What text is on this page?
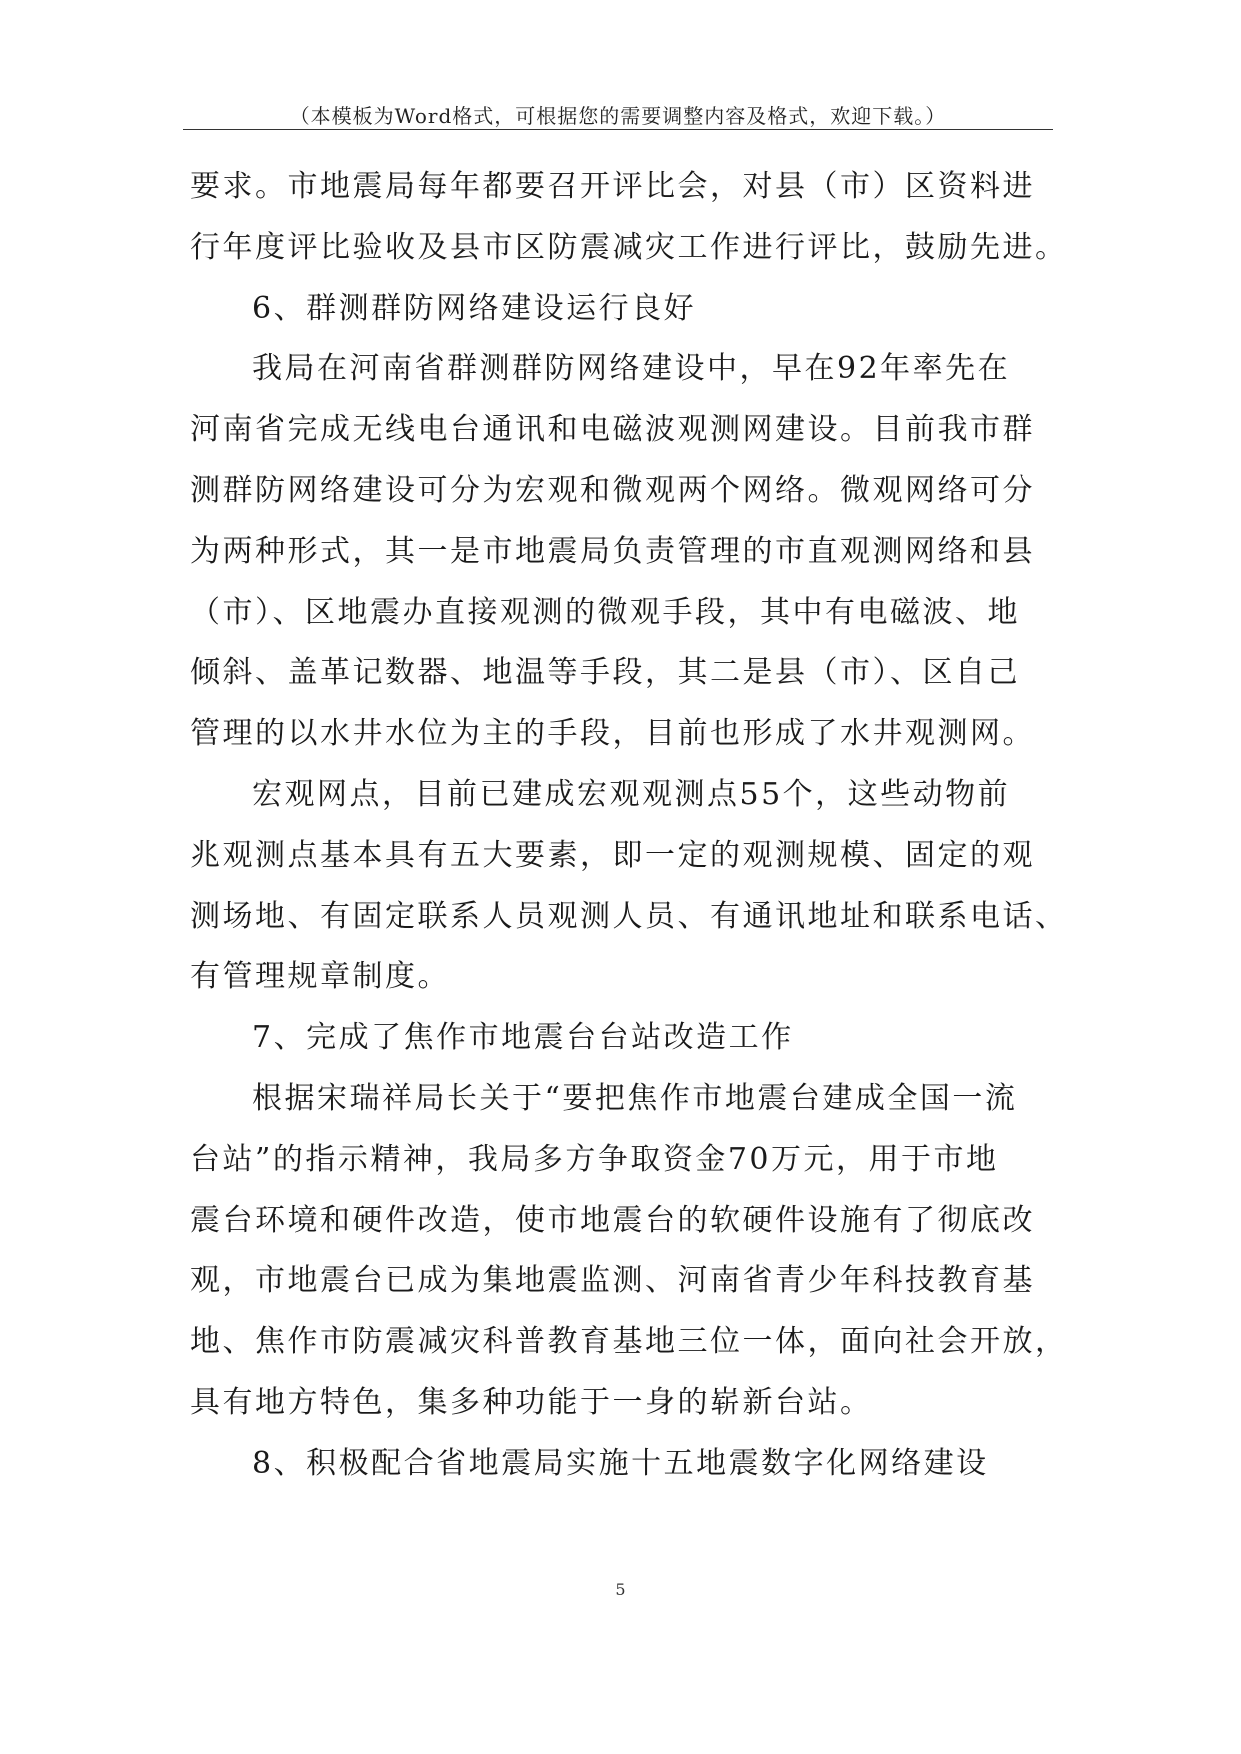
（本模板为Word格式，可根据您的需要调整内容及格式，欢迎下载。）
要求。市地震局每年都要召开评比会，对县（市）区资料进
行年度评比验收及县市区防震减灾工作进行评比，鼓励先进。
6、群测群防网络建设运行良好
我局在河南省群测群防网络建设中，早在92年率先在
河南省完成无线电台通讯和电磁波观测网建设。目前我市群
测群防网络建设可分为宏观和微观两个网络。微观网络可分
为两种形式，其一是市地震局负责管理的市直观测网络和县
（市）、区地震办直接观测的微观手段，其中有电磁波、地
倾斜、盖革记数器、地温等手段，其二是县（市）、区自己
管理的以水井水位为主的手段，目前也形成了水井观测网。
宏观网点，目前已建成宏观观测点55个，这些动物前
兆观测点基本具有五大要素，即一定的观测规模、固定的观
测场地、有固定联系人员观测人员、有通讯地址和联系电话、
有管理规章制度。
7、完成了焦作市地震台台站改造工作
根据宋瑞祥局长关于“要把焦作市地震台建成全国一流
台站”的指示精神，我局多方争取资金70万元，用于市地
震台环境和硬件改造，使市地震台的软硬件设施有了彻底改
观，市地震台已成为集地震监测、河南省青少年科技教育基
地、焦作市防震减灾科普教育基地三位一体，面向社会开放，
具有地方特色，集多种功能于一身的崭新台站。
8、积极配合省地震局实施十五地震数字化网络建设
5
